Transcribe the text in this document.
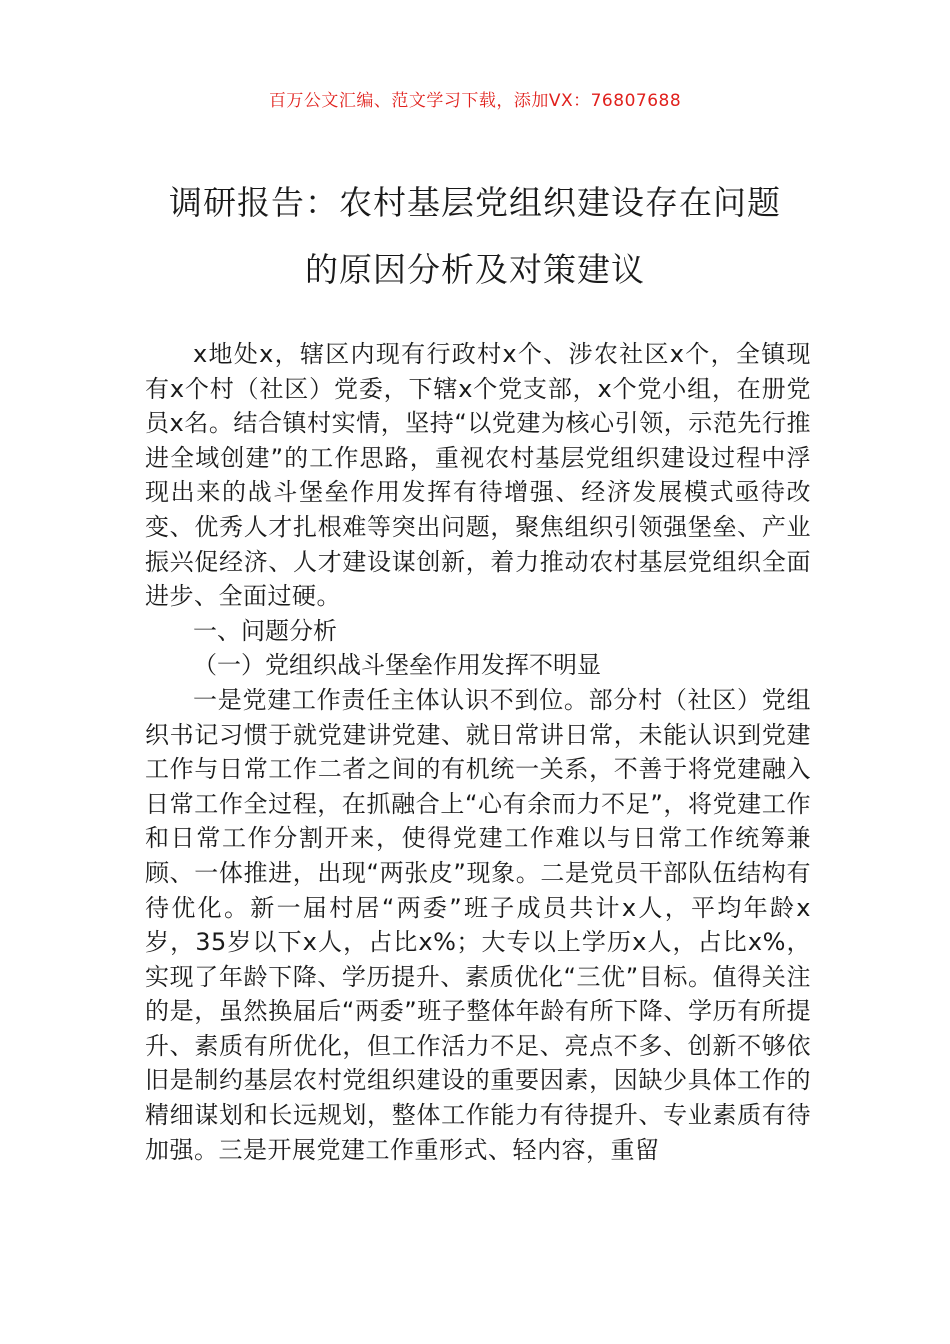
百万公文汇编、范文学习下载，添加VX：76807688
调研报告：农村基层党组织建设存在问题
的原因分析及对策建议

x地处x，辖区内现有行政村x个、涉农社区x个，全镇现有x个村（社区）党委，下辖x个党支部，x个党小组，在册党员x名。结合镇村实情，坚持“以党建为核心引领，示范先行推进全域创建”的工作思路，重视农村基层党组织建设过程中浮现出来的战斗堡垒作用发挥有待增强、经济发展模式亟待改变、优秀人才扎根难等突出问题，聚焦组织引领强堡垒、产业振兴促经济、人才建设谋创新，着力推动农村基层党组织全面进步、全面过硬。

一、问题分析
（一）党组织战斗堡垒作用发挥不明显

一是党建工作责任主体认识不到位。部分村（社区）党组织书记习惯于就党建讲党建、就日常讲日常，未能认识到党建工作与日常工作二者之间的有机统一关系，不善于将党建融入日常工作全过程，在抓融合上“心有余而力不足”，将党建工作和日常工作分割开来，使得党建工作难以与日常工作统筹兼顾、一体推进，出现“两张皮”现象。二是党员干部队伍结构有待优化。新一届村居“两委”班子成员共计x人，平均年龄x岁，35岁以下x人，占比x%；大专以上学历x人，占比x%，实现了年龄下降、学历提升、素质优化“三优”目标。值得关注的是，虽然换届后“两委”班子整体年龄有所下降、学历有所提升、素质有所优化，但工作活力不足、亮点不多、创新不够依旧是制约基层农村党组织建设的重要因素，因缺少具体工作的精细谋划和长远规划，整体工作能力有待提升、专业素质有待加强。三是开展党建工作重形式、轻内容，重留
